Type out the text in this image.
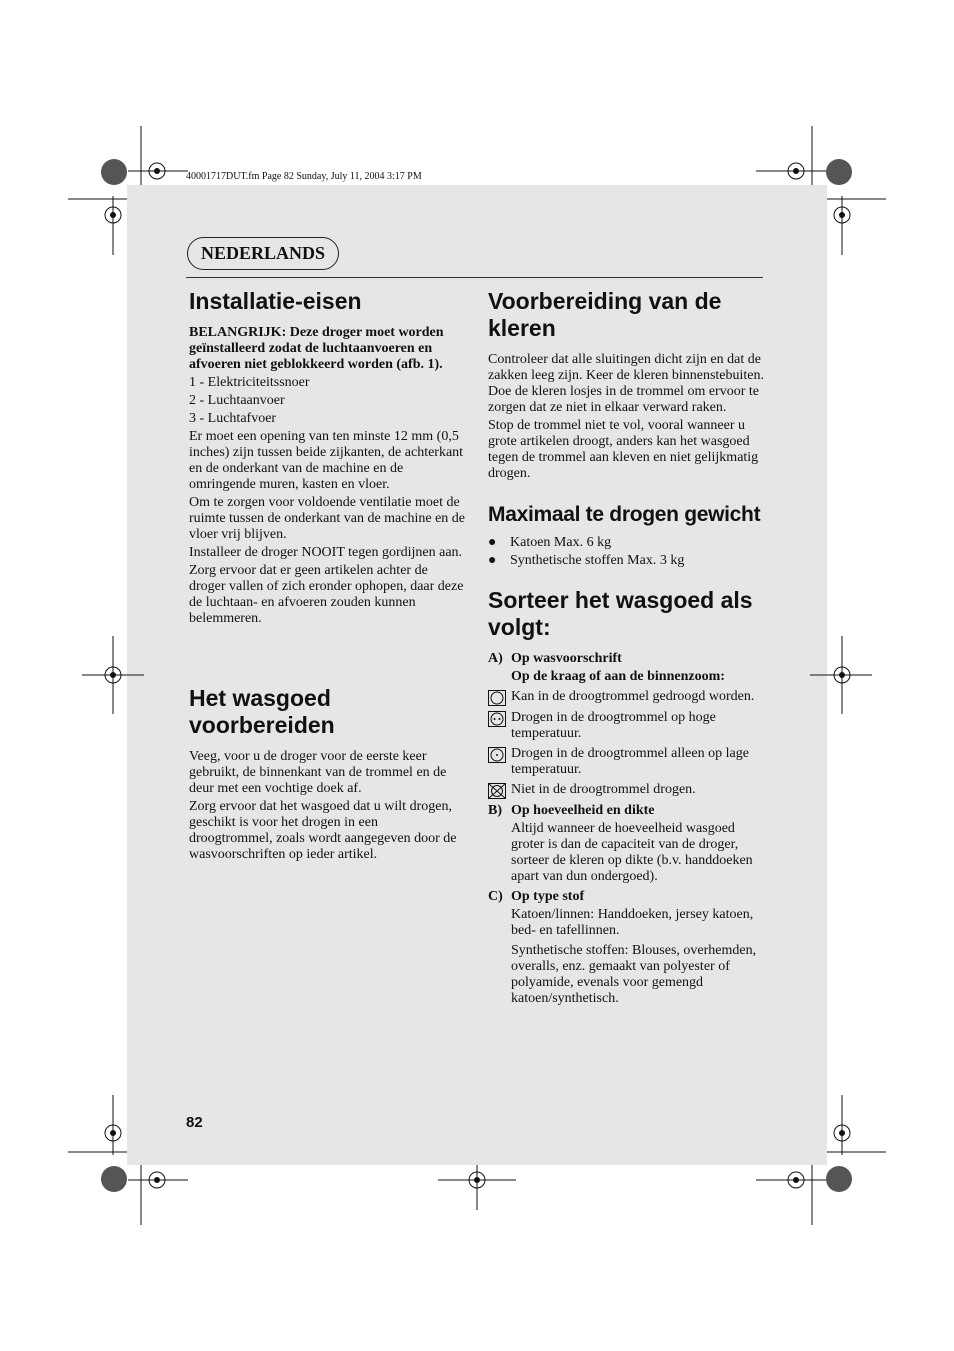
40001717DUT.fm Page 82 Sunday, July 11, 2004 3:17 PM
NEDERLANDS
Installatie-eisen

BELANGRIJK: Deze droger moet worden geïnstalleerd zodat de luchtaanvoeren en afvoeren niet geblokkeerd worden (afb. 1).

1 - Elektriciteitssnoer

2 - Luchtaanvoer

3 - Luchtafvoer

Er moet een opening van ten minste 12 mm (0,5 inches) zijn tussen beide zijkanten, de achterkant en de onderkant van de machine en de omringende muren, kasten en vloer.

Om te zorgen voor voldoende ventilatie moet de ruimte tussen de onderkant van de machine en de vloer vrij blijven.

Installeer de droger NOOIT tegen gordijnen aan.

Zorg ervoor dat er geen artikelen achter de droger vallen of zich eronder ophopen, daar deze de luchtaan- en afvoeren zouden kunnen belemmeren.

Het wasgoed voorbereiden

Veeg, voor u de droger voor de eerste keer gebruikt, de binnenkant van de trommel en de deur met een vochtige doek af.

Zorg ervoor dat het wasgoed dat u wilt drogen, geschikt is voor het drogen in een droogtrommel, zoals wordt aangegeven door de wasvoorschriften op ieder artikel.

Voorbereiding van de kleren

Controleer dat alle sluitingen dicht zijn en dat de zakken leeg zijn. Keer de kleren binnenstebuiten. Doe de kleren losjes in de trommel om ervoor te zorgen dat ze niet in elkaar verward raken.

Stop de trommel niet te vol, vooral wanneer u grote artikelen droogt, anders kan het wasgoed tegen de trommel aan kleven en niet gelijkmatig drogen.

Maximaal te drogen gewicht
● Katoen Max. 6 kg
● Synthetische stoffen Max. 3 kg
Sorteer het wasgoed als volgt:
A) Op wasvoorschrift

Op de kraag of aan de binnenzoom:

Kan in de droogtrommel gedroogd worden.
Drogen in de droogtrommel op hoge temperatuur.
Drogen in de droogtrommel alleen op lage temperatuur.
Niet in de droogtrommel drogen.
B) Op hoeveelheid en dikte

Altijd wanneer de hoeveelheid wasgoed groter is dan de capaciteit van de droger, sorteer de kleren op dikte (b.v. handdoeken apart van dun ondergoed).

C) Op type stof

Katoen/linnen: Handdoeken, jersey katoen, bed- en tafellinnen.

Synthetische stoffen: Blouses, overhemden, overalls, enz. gemaakt van polyester of polyamide, evenals voor gemengd katoen/synthetisch.

82
